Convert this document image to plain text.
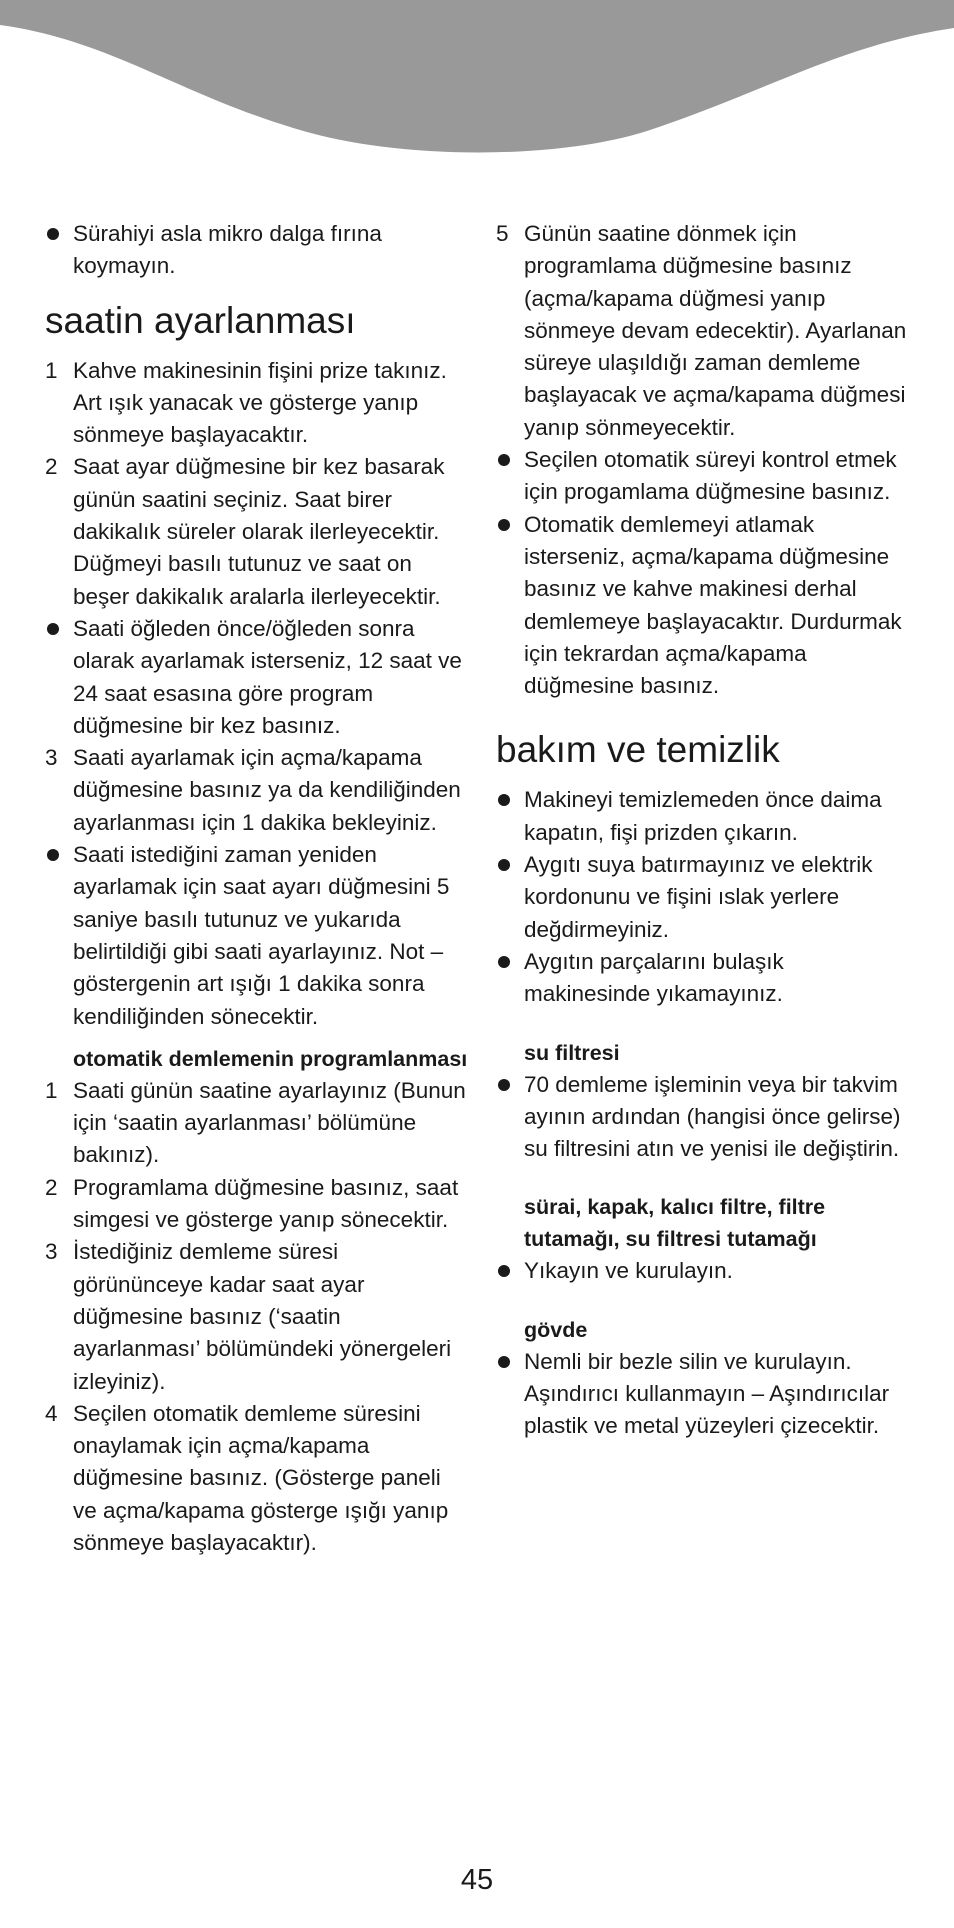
Sürahiyi asla mikro dalga fırına koymayın.
saatin ayarlanması
1 Kahve makinesinin fişini prize takınız. Art ışık yanacak ve gösterge yanıp sönmeye başlayacaktır.
2 Saat ayar düğmesine bir kez basarak günün saatini seçiniz. Saat birer dakikalık süreler olarak ilerleyecektir. Düğmeyi basılı tutunuz ve saat on beşer dakikalık aralarla ilerleyecektir.
Saati öğleden önce/öğleden sonra olarak ayarlamak isterseniz, 12 saat ve 24 saat esasına göre program düğmesine bir kez basınız.
3 Saati ayarlamak için açma/kapama düğmesine basınız ya da kendiliğinden ayarlanması için 1 dakika bekleyiniz.
Saati istediğini zaman yeniden ayarlamak için saat ayarı düğmesini 5 saniye basılı tutunuz ve yukarıda belirtildiği gibi saati ayarlayınız. Not – göstergenin art ışığı 1 dakika sonra kendiliğinden sönecektir.
otomatik demlemenin programlanması
1 Saati günün saatine ayarlayınız (Bunun için ‘saatin ayarlanması’ bölümüne bakınız).
2 Programlama düğmesine basınız, saat simgesi ve gösterge yanıp sönecektir.
3 İstediğiniz demleme süresi görününceye kadar saat ayar düğmesine basınız (‘saatin ayarlanması’ bölümündeki yönergeleri izleyiniz).
4 Seçilen otomatik demleme süresini onaylamak için açma/kapama düğmesine basınız. (Gösterge paneli ve açma/kapama gösterge ışığı yanıp sönmeye başlayacaktır).
5 Günün saatine dönmek için programlama düğmesine basınız (açma/kapama düğmesi yanıp sönmeye devam edecektir). Ayarlanan süreye ulaşıldığı zaman demleme başlayacak ve açma/kapama düğmesi yanıp sönmeyecektir.
Seçilen otomatik süreyi kontrol etmek için progamlama düğmesine basınız.
Otomatik demlemeyi atlamak isterseniz, açma/kapama düğmesine basınız ve kahve makinesi derhal demlemeye başlayacaktır. Durdurmak için tekrardan açma/kapama düğmesine basınız.
bakım ve temizlik
Makineyi temizlemeden önce daima kapatın, fişi prizden çıkarın.
Aygıtı suya batırmayınız ve elektrik kordonunu ve fişini ıslak yerlere değdirmeyiniz.
Aygıtın parçalarını bulaşık makinesinde yıkamayınız.
su filtresi
70 demleme işleminin veya bir takvim ayının ardından (hangisi önce gelirse) su filtresini atın ve yenisi ile değiştirin.
sürai, kapak, kalıcı filtre, filtre tutamağı, su filtresi tutamağı
Yıkayın ve kurulayın.
gövde
Nemli bir bezle silin ve kurulayın. Aşındırıcı kullanmayın – Aşındırıcılar plastik ve metal yüzeyleri çizecektir.
45
